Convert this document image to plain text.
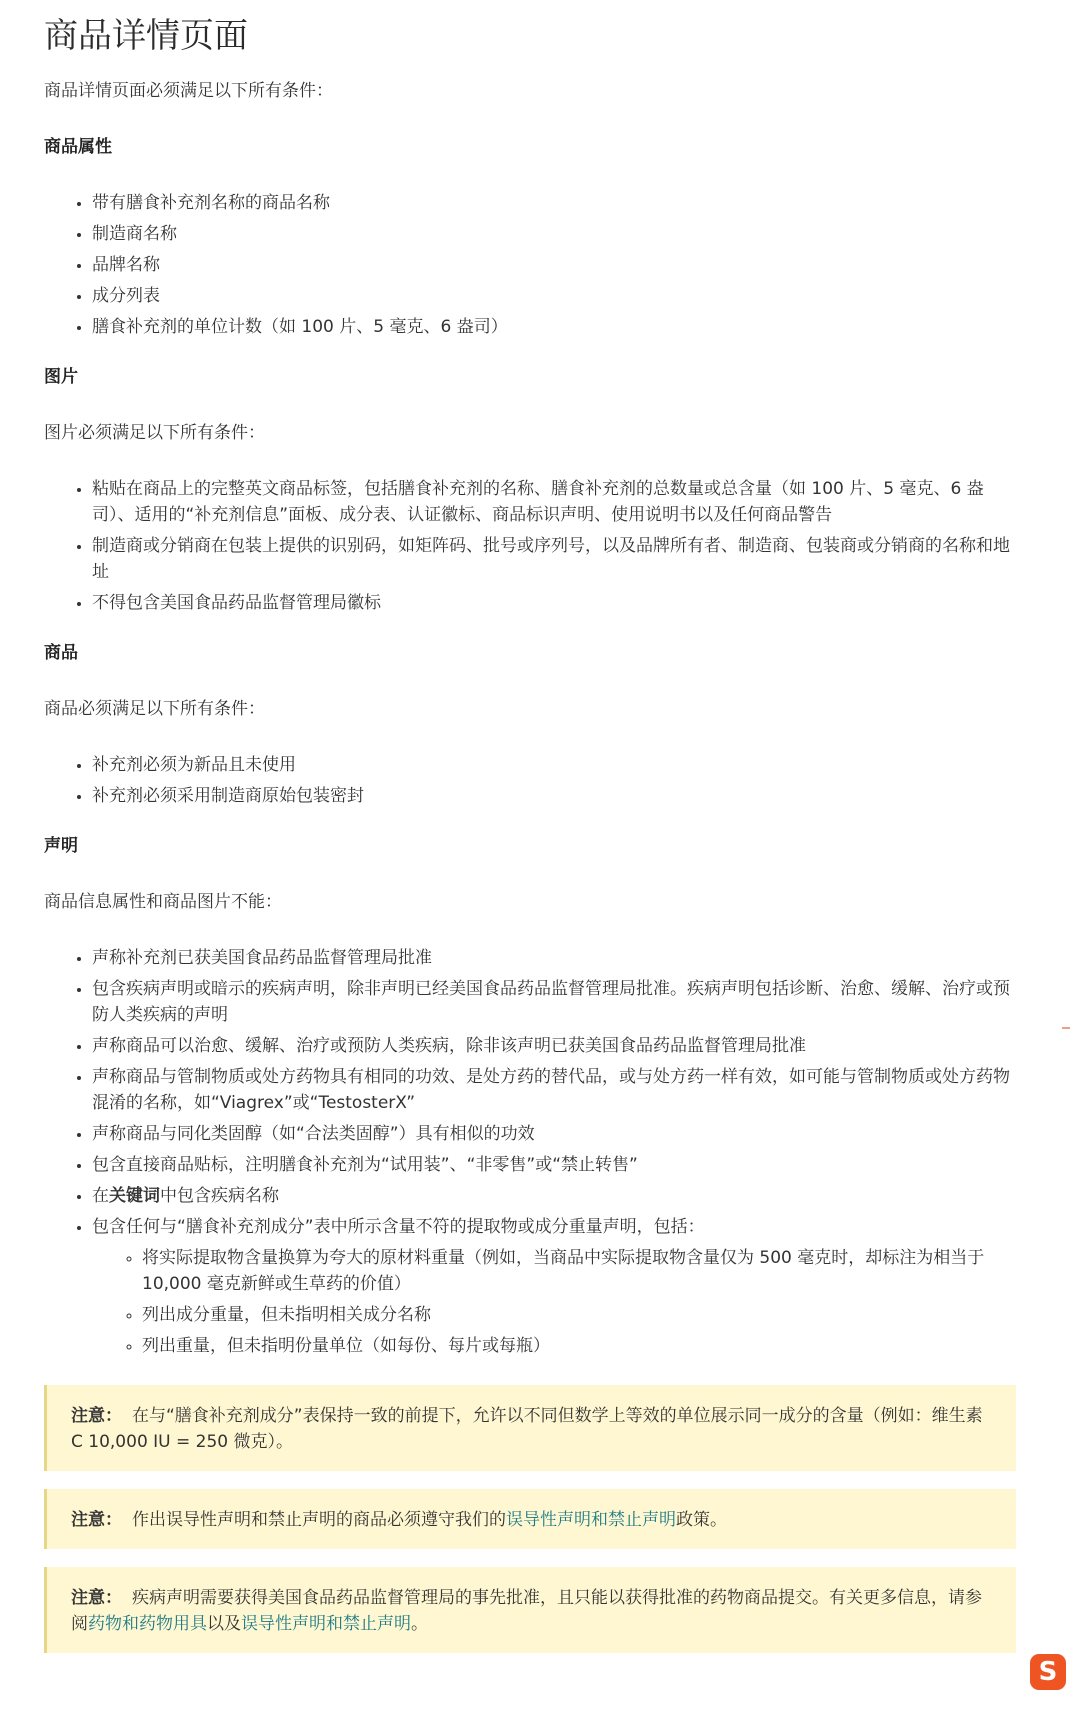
商品详情页面

商品详情页面必须满足以下所有条件：

商品属性

• 带有膳食补充剂名称的商品名称
• 制造商名称
• 品牌名称
• 成分列表
• 膳食补充剂的单位计数（如 100 片、5 毫克、6 盎司）

图片

图片必须满足以下所有条件：

• 粘贴在商品上的完整英文商品标签，包括膳食补充剂的名称、膳食补充剂的总数量或总含量（如 100 片、5 毫克、6 盎司）、适用的“补充剂信息”面板、成分表、认证徽标、商品标识声明、使用说明书以及任何商品警告
• 制造商或分销商在包装上提供的识别码，如矩阵码、批号或序列号，以及品牌所有者、制造商、包装商或分销商的名称和地址
• 不得包含美国食品药品监督管理局徽标

商品

商品必须满足以下所有条件：

• 补充剂必须为新品且未使用
• 补充剂必须采用制造商原始包装密封

声明

商品信息属性和商品图片不能：

• 声称补充剂已获美国食品药品监督管理局批准
• 包含疾病声明或暗示的疾病声明，除非声明已经美国食品药品监督管理局批准。疾病声明包括诊断、治愈、缓解、治疗或预防人类疾病的声明
• 声称商品可以治愈、缓解、治疗或预防人类疾病，除非该声明已获美国食品药品监督管理局批准
• 声称商品与管制物质或处方药物具有相同的功效、是处方药的替代品，或与处方药一样有效，如可能与管制物质或处方药物混淆的名称，如“Viagrex”或“TestosterX”
• 声称商品与同化类固醇（如“合法类固醇”）具有相似的功效
• 包含直接商品贴标，注明膳食补充剂为“试用装”、“非零售”或“禁止转售”
• 在关键词中包含疾病名称
• 包含任何与“膳食补充剂成分”表中所示含量不符的提取物或成分重量声明，包括：
◦ 将实际提取物含量换算为夸大的原材料重量（例如，当商品中实际提取物含量仅为 500 毫克时，却标注为相当于 10,000 毫克新鲜或生草药的价值）
◦ 列出成分重量，但未指明相关成分名称
◦ 列出重量，但未指明份量单位（如每份、每片或每瓶）
注意： 在与“膳食补充剂成分”表保持一致的前提下，允许以不同但数学上等效的单位展示同一成分的含量（例如：维生素 C 10,000 IU = 250 微克）。
注意： 作出误导性声明和禁止声明的商品必须遵守我们的误导性声明和禁止声明政策。
注意： 疾病声明需要获得美国食品药品监督管理局的事先批准，且只能以获得批准的药物商品提交。有关更多信息，请参阅药物和药物用具以及误导性声明和禁止声明。
S
